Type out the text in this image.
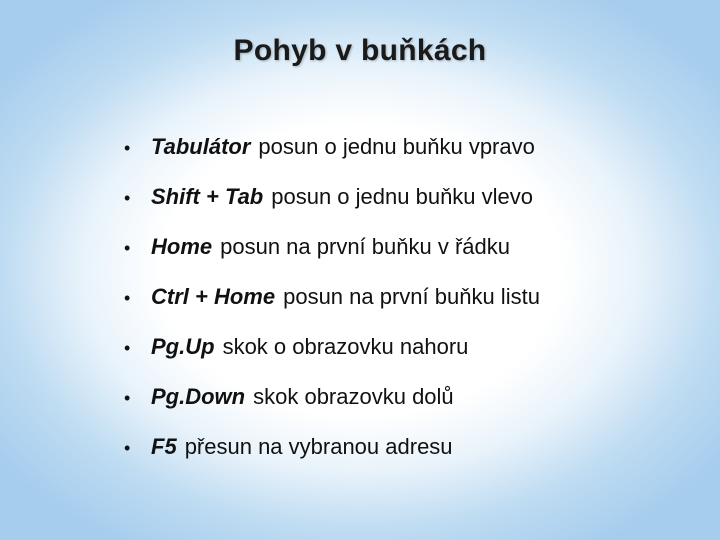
Pohyb v buňkách
• Tabulátor posun o jednu buňku vpravo
• Shift + Tab posun o jednu buňku vlevo
• Home posun na první buňku v řádku
• Ctrl + Home posun na první buňku listu
• Pg.Up skok o obrazovku nahoru
• Pg.Down skok obrazovku dolů
• F5 přesun na vybranou adresu
